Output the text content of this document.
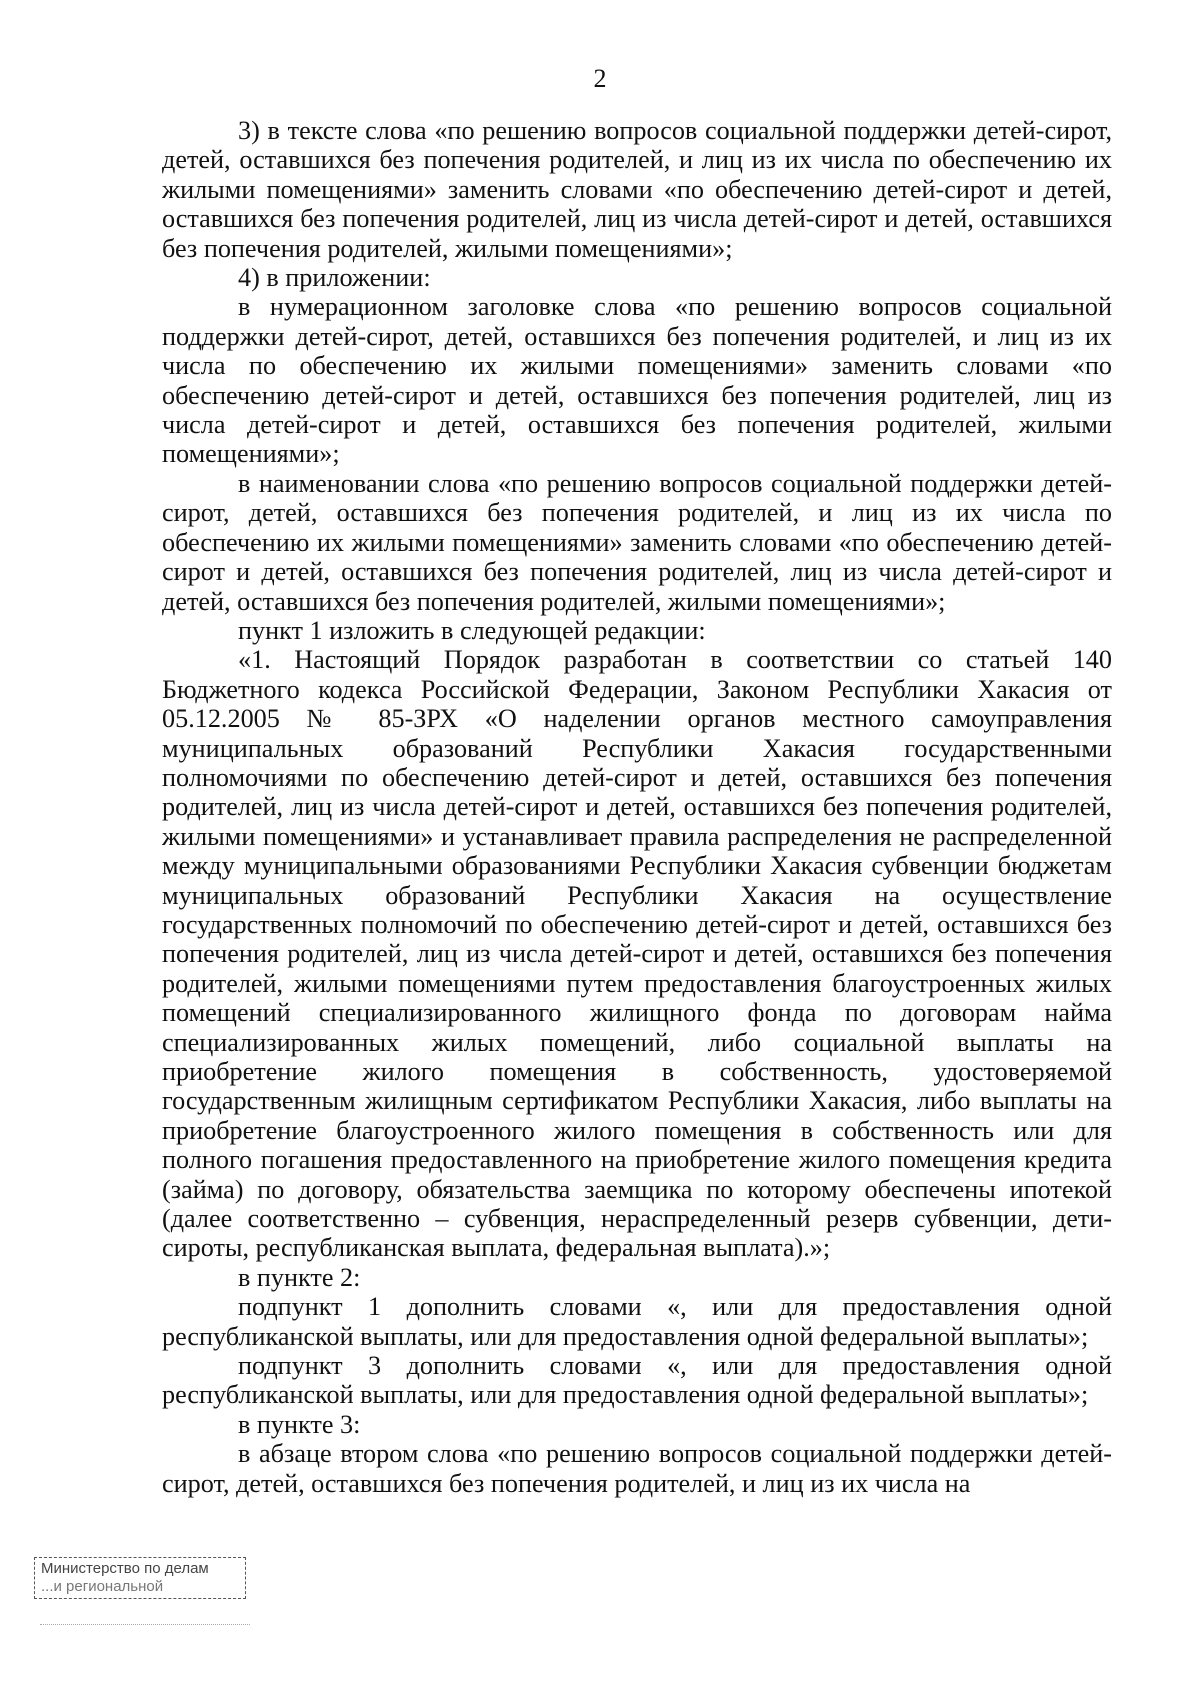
2

3) в тексте слова «по решению вопросов социальной поддержки детей-сирот, детей, оставшихся без попечения родителей, и лиц из их числа по обеспечению их жилыми помещениями» заменить словами «по обеспечению детей-сирот и детей, оставшихся без попечения родителей, лиц из числа детей-сирот и детей, оставшихся без попечения родителей, жилыми помещениями»;

4) в приложении:

в нумерационном заголовке слова «по решению вопросов социальной поддержки детей-сирот, детей, оставшихся без попечения родителей, и лиц из их числа по обеспечению их жилыми помещениями» заменить словами «по обеспечению детей-сирот и детей, оставшихся без попечения родителей, лиц из числа детей-сирот и детей, оставшихся без попечения родителей, жилыми помещениями»;

в наименовании слова «по решению вопросов социальной поддержки детей-сирот, детей, оставшихся без попечения родителей, и лиц из их числа по обеспечению их жилыми помещениями» заменить словами «по обеспечению детей-сирот и детей, оставшихся без попечения родителей, лиц из числа детей-сирот и детей, оставшихся без попечения родителей, жилыми помещениями»;

пункт 1 изложить в следующей редакции:

«1. Настоящий Порядок разработан в соответствии со статьей 140 Бюджетного кодекса Российской Федерации, Законом Республики Хакасия от 05.12.2005 № 85-ЗРХ «О наделении органов местного самоуправления муниципальных образований Республики Хакасия государственными полномочиями по обеспечению детей-сирот и детей, оставшихся без попечения родителей, лиц из числа детей-сирот и детей, оставшихся без попечения родителей, жилыми помещениями» и устанавливает правила распределения не распределенной между муниципальными образованиями Республики Хакасия субвенции бюджетам муниципальных образований Республики Хакасия на осуществление государственных полномочий по обеспечению детей-сирот и детей, оставшихся без попечения родителей, лиц из числа детей-сирот и детей, оставшихся без попечения родителей, жилыми помещениями путем предоставления благоустроенных жилых помещений специализированного жилищного фонда по договорам найма специализированных жилых помещений, либо социальной выплаты на приобретение жилого помещения в собственность, удостоверяемой государственным жилищным сертификатом Республики Хакасия, либо выплаты на приобретение благоустроенного жилого помещения в собственность или для полного погашения предоставленного на приобретение жилого помещения кредита (займа) по договору, обязательства заемщика по которому обеспечены ипотекой (далее соответственно – субвенция, нераспределенный резерв субвенции, дети-сироты, республиканская выплата, федеральная выплата).»;

в пункте 2:

подпункт 1 дополнить словами «, или для предоставления одной республиканской выплаты, или для предоставления одной федеральной выплаты»;

подпункт 3 дополнить словами «, или для предоставления одной республиканской выплаты, или для предоставления одной федеральной выплаты»;

в пункте 3:

в абзаце втором слова «по решению вопросов социальной поддержки детей-сирот, детей, оставшихся без попечения родителей, и лиц из их числа на

Министерство по делам
...и региональной
